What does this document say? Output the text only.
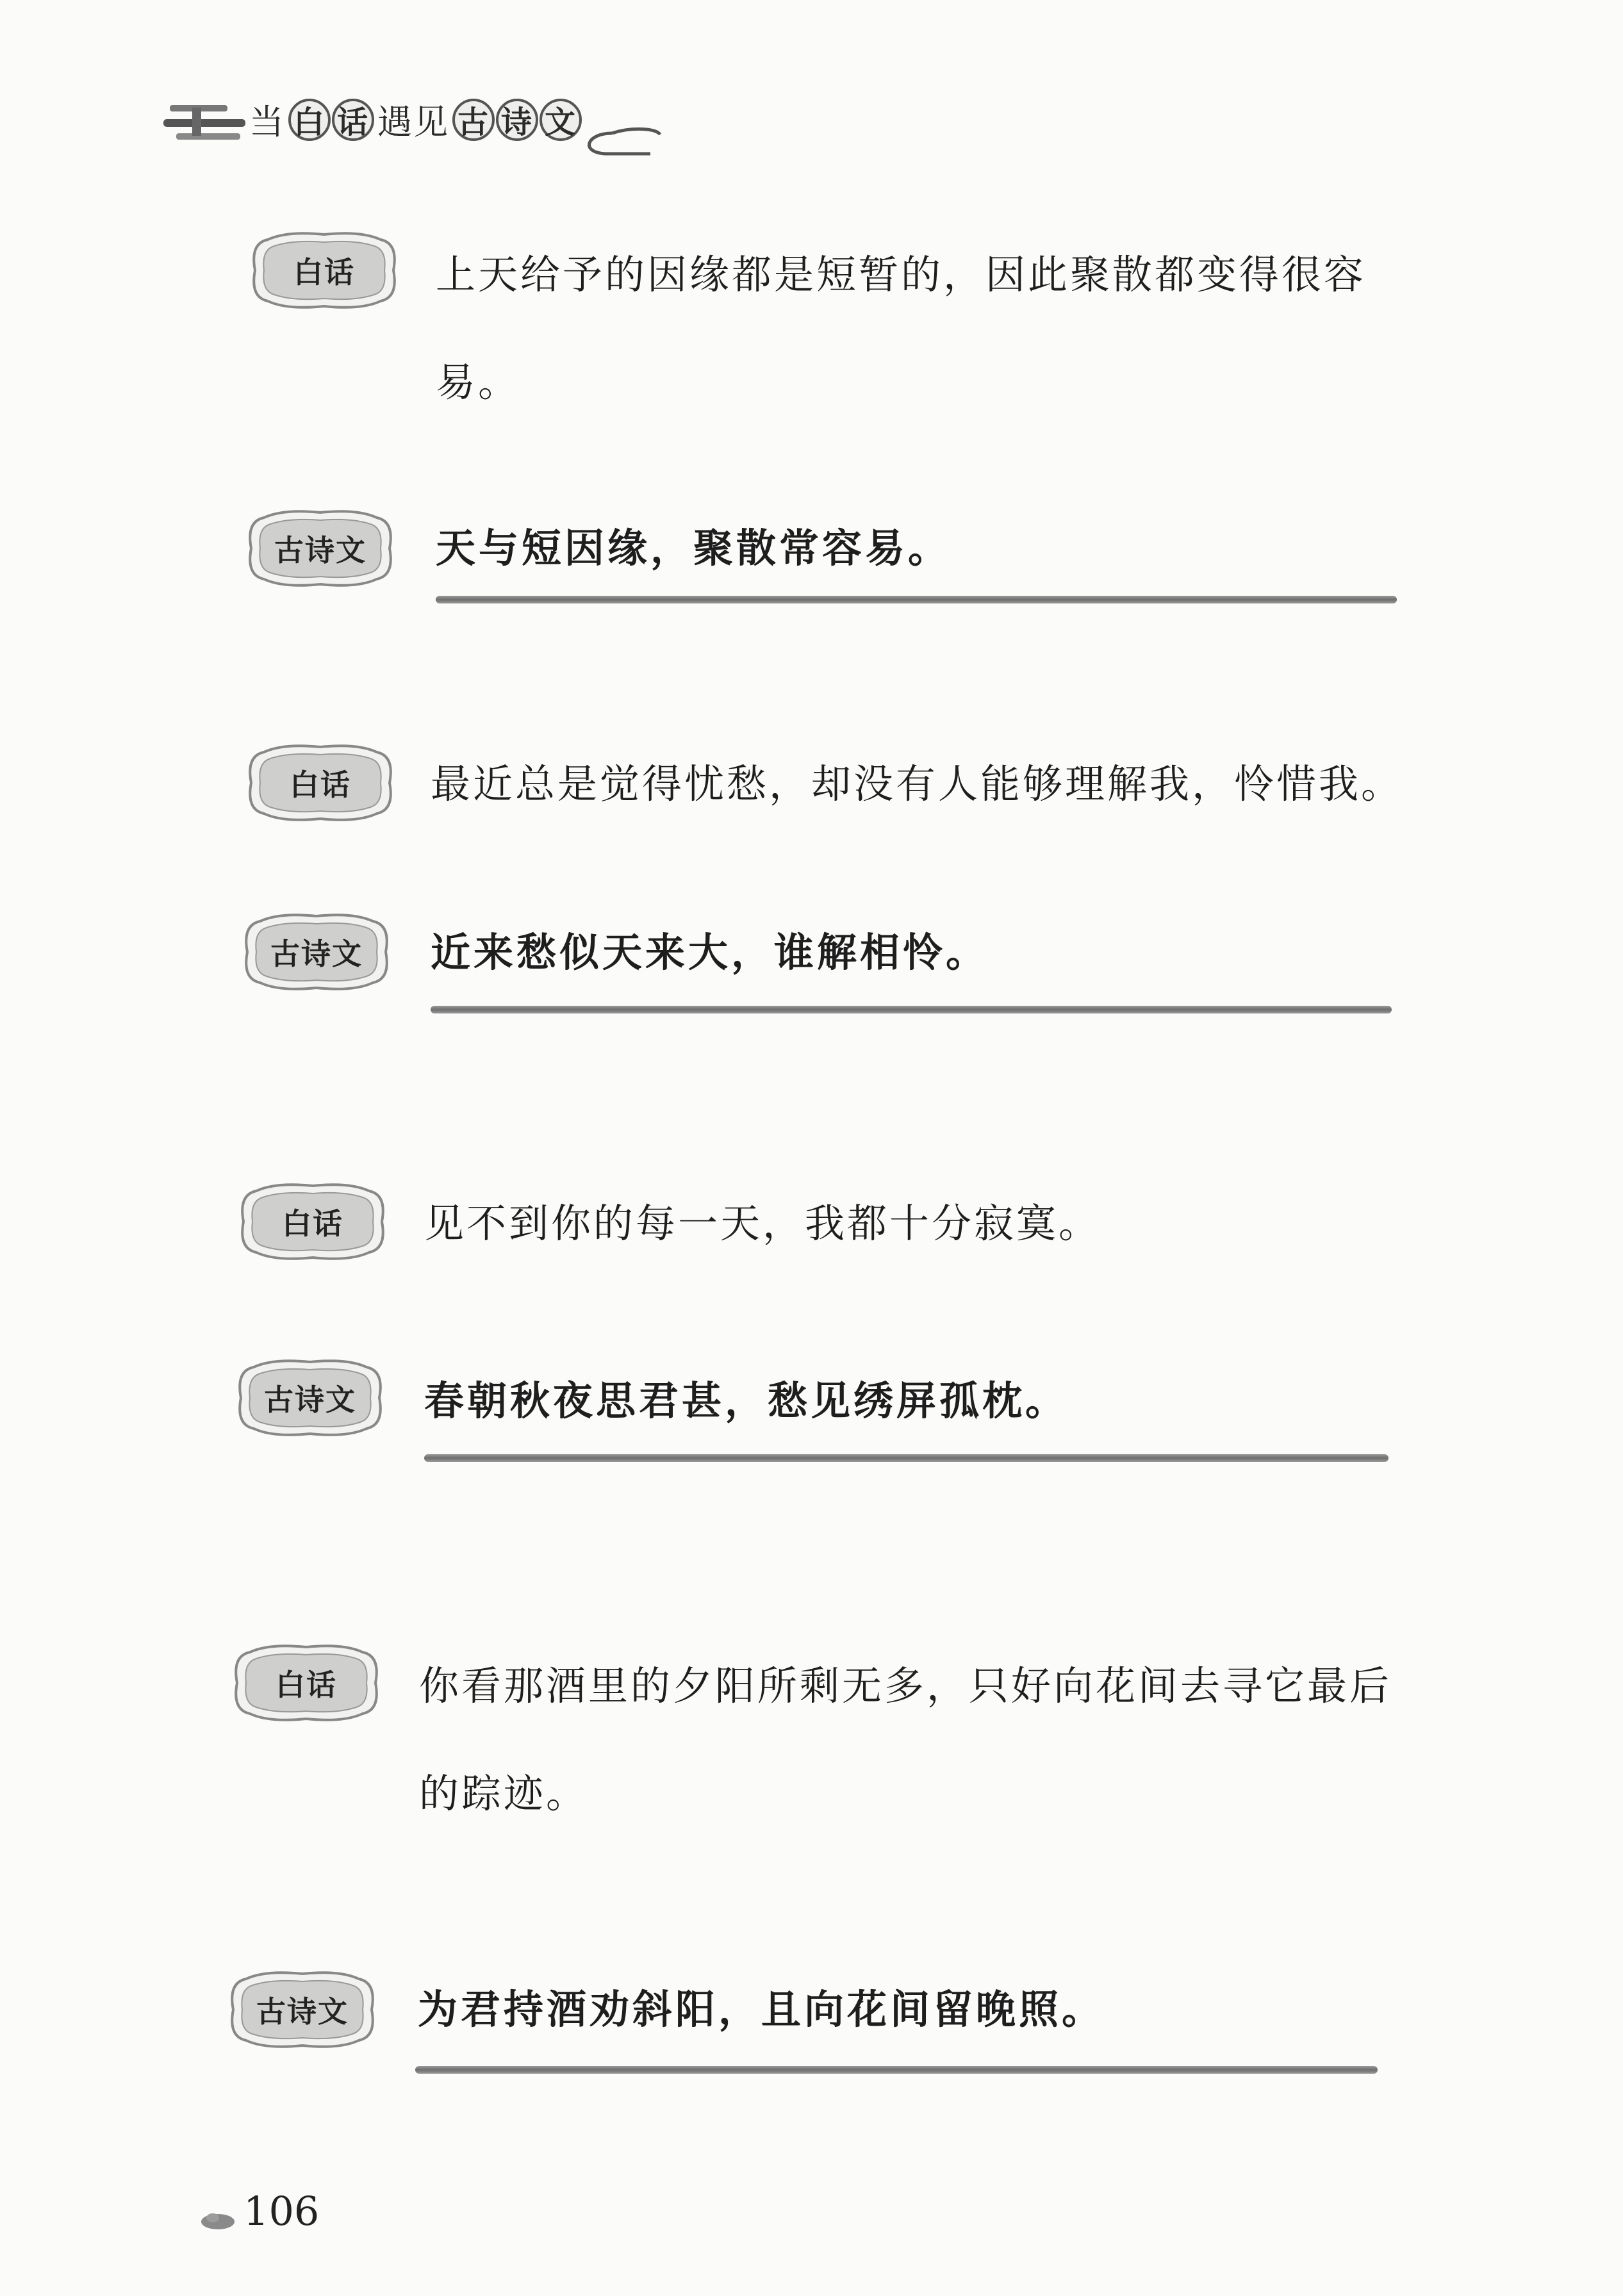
当 白 话 遇见 古 诗 文
白话	上天给予的因缘都是短暂的，因此聚散都变得很容易。
古诗文	天与短因缘，聚散常容易。
白话	最近总是觉得忧愁，却没有人能够理解我，怜惜我。
古诗文	近来愁似天来大，谁解相怜。
白话	见不到你的每一天，我都十分寂寞。
古诗文	春朝秋夜思君甚，愁见绣屏孤枕。
白话	你看那酒里的夕阳所剩无多，只好向花间去寻它最后的踪迹。
古诗文	为君持酒劝斜阳，且向花间留晚照。
106
